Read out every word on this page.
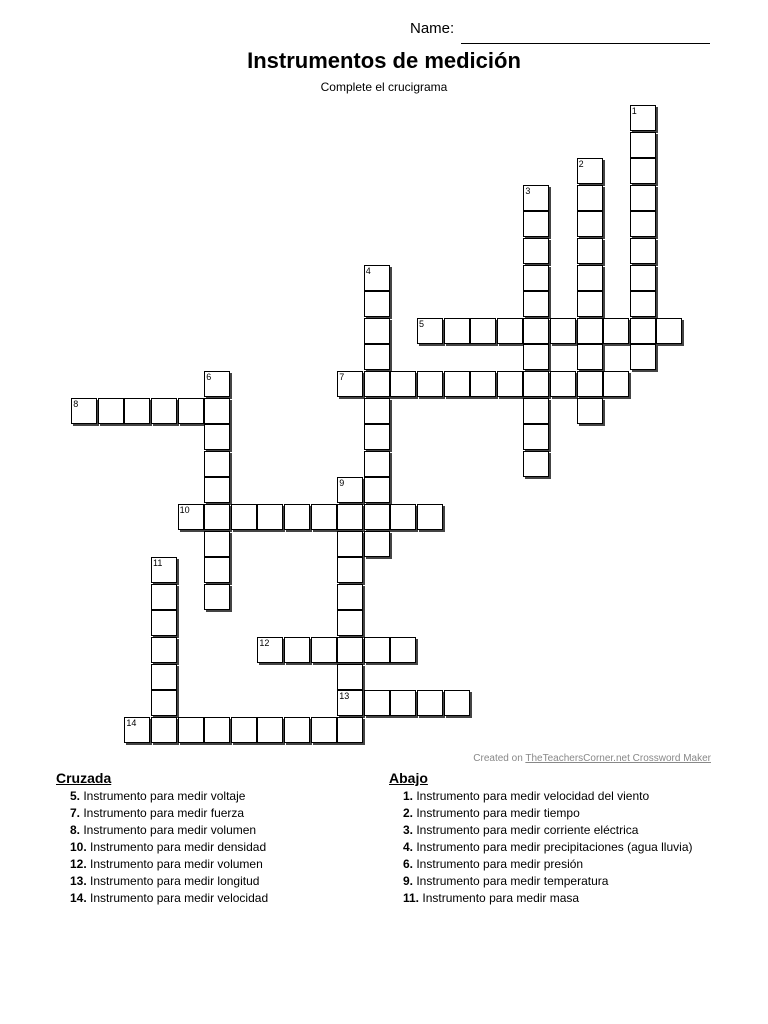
Name:
Instrumentos de medición
Complete el crucigrama
1
2
3
4
5
6	7
8
9
10
11
12
13
14
Created on TheTeachersCorner.net Crossword Maker
Cruzada
5. Instrumento para medir voltaje
7. Instrumento para medir fuerza
8. Instrumento para medir volumen
10. Instrumento para medir densidad
12. Instrumento para medir volumen
13. Instrumento para medir longitud
14. Instrumento para medir velocidad
Abajo
1. Instrumento para medir velocidad del viento
2. Instrumento para medir tiempo
3. Instrumento para medir corriente eléctrica
4. Instrumento para medir precipitaciones (agua lluvia)
6. Instrumento para medir presión
9. Instrumento para medir temperatura
11. Instrumento para medir masa
